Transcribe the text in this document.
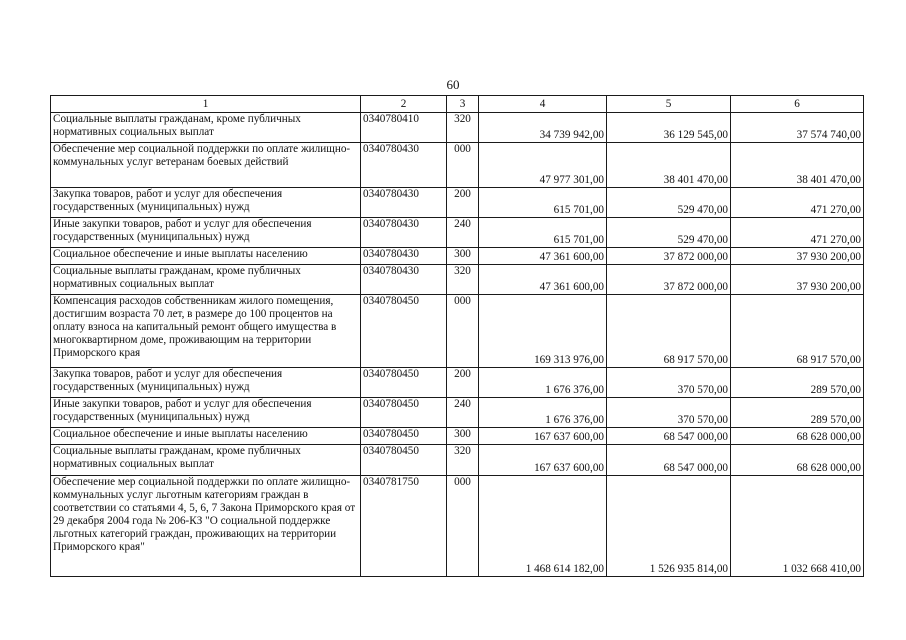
60
1	2	3	4	5	6
Социальные выплаты гражданам, кроме публичных нормативных социальных выплат	0340780410	320	34 739 942,00	36 129 545,00	37 574 740,00
Обеспечение мер социальной поддержки по оплате жилищно-коммунальных услуг ветеранам боевых действий	0340780430	000	47 977 301,00	38 401 470,00	38 401 470,00
Закупка товаров, работ и услуг для обеспечения государственных (муниципальных) нужд	0340780430	200	615 701,00	529 470,00	471 270,00
Иные закупки товаров, работ и услуг для обеспечения государственных (муниципальных) нужд	0340780430	240	615 701,00	529 470,00	471 270,00
Социальное обеспечение и иные выплаты населению	0340780430	300	47 361 600,00	37 872 000,00	37 930 200,00
Социальные выплаты гражданам, кроме публичных нормативных социальных выплат	0340780430	320	47 361 600,00	37 872 000,00	37 930 200,00
Компенсация расходов собственникам жилого помещения, достигшим возраста 70 лет, в размере до 100 процентов на оплату взноса на капитальный ремонт общего имущества в многоквартирном доме, проживающим на территории Приморского края	0340780450	000	169 313 976,00	68 917 570,00	68 917 570,00
Закупка товаров, работ и услуг для обеспечения государственных (муниципальных) нужд	0340780450	200	1 676 376,00	370 570,00	289 570,00
Иные закупки товаров, работ и услуг для обеспечения государственных (муниципальных) нужд	0340780450	240	1 676 376,00	370 570,00	289 570,00
Социальное обеспечение и иные выплаты населению	0340780450	300	167 637 600,00	68 547 000,00	68 628 000,00
Социальные выплаты гражданам, кроме публичных нормативных социальных выплат	0340780450	320	167 637 600,00	68 547 000,00	68 628 000,00
Обеспечение мер социальной поддержки по оплате жилищно-коммунальных услуг льготным категориям граждан в соответствии со статьями 4, 5, 6, 7 Закона Приморского края от 29 декабря 2004 года № 206-КЗ "О социальной поддержке льготных категорий граждан, проживающих на территории Приморского края"	0340781750	000	1 468 614 182,00	1 526 935 814,00	1 032 668 410,00
